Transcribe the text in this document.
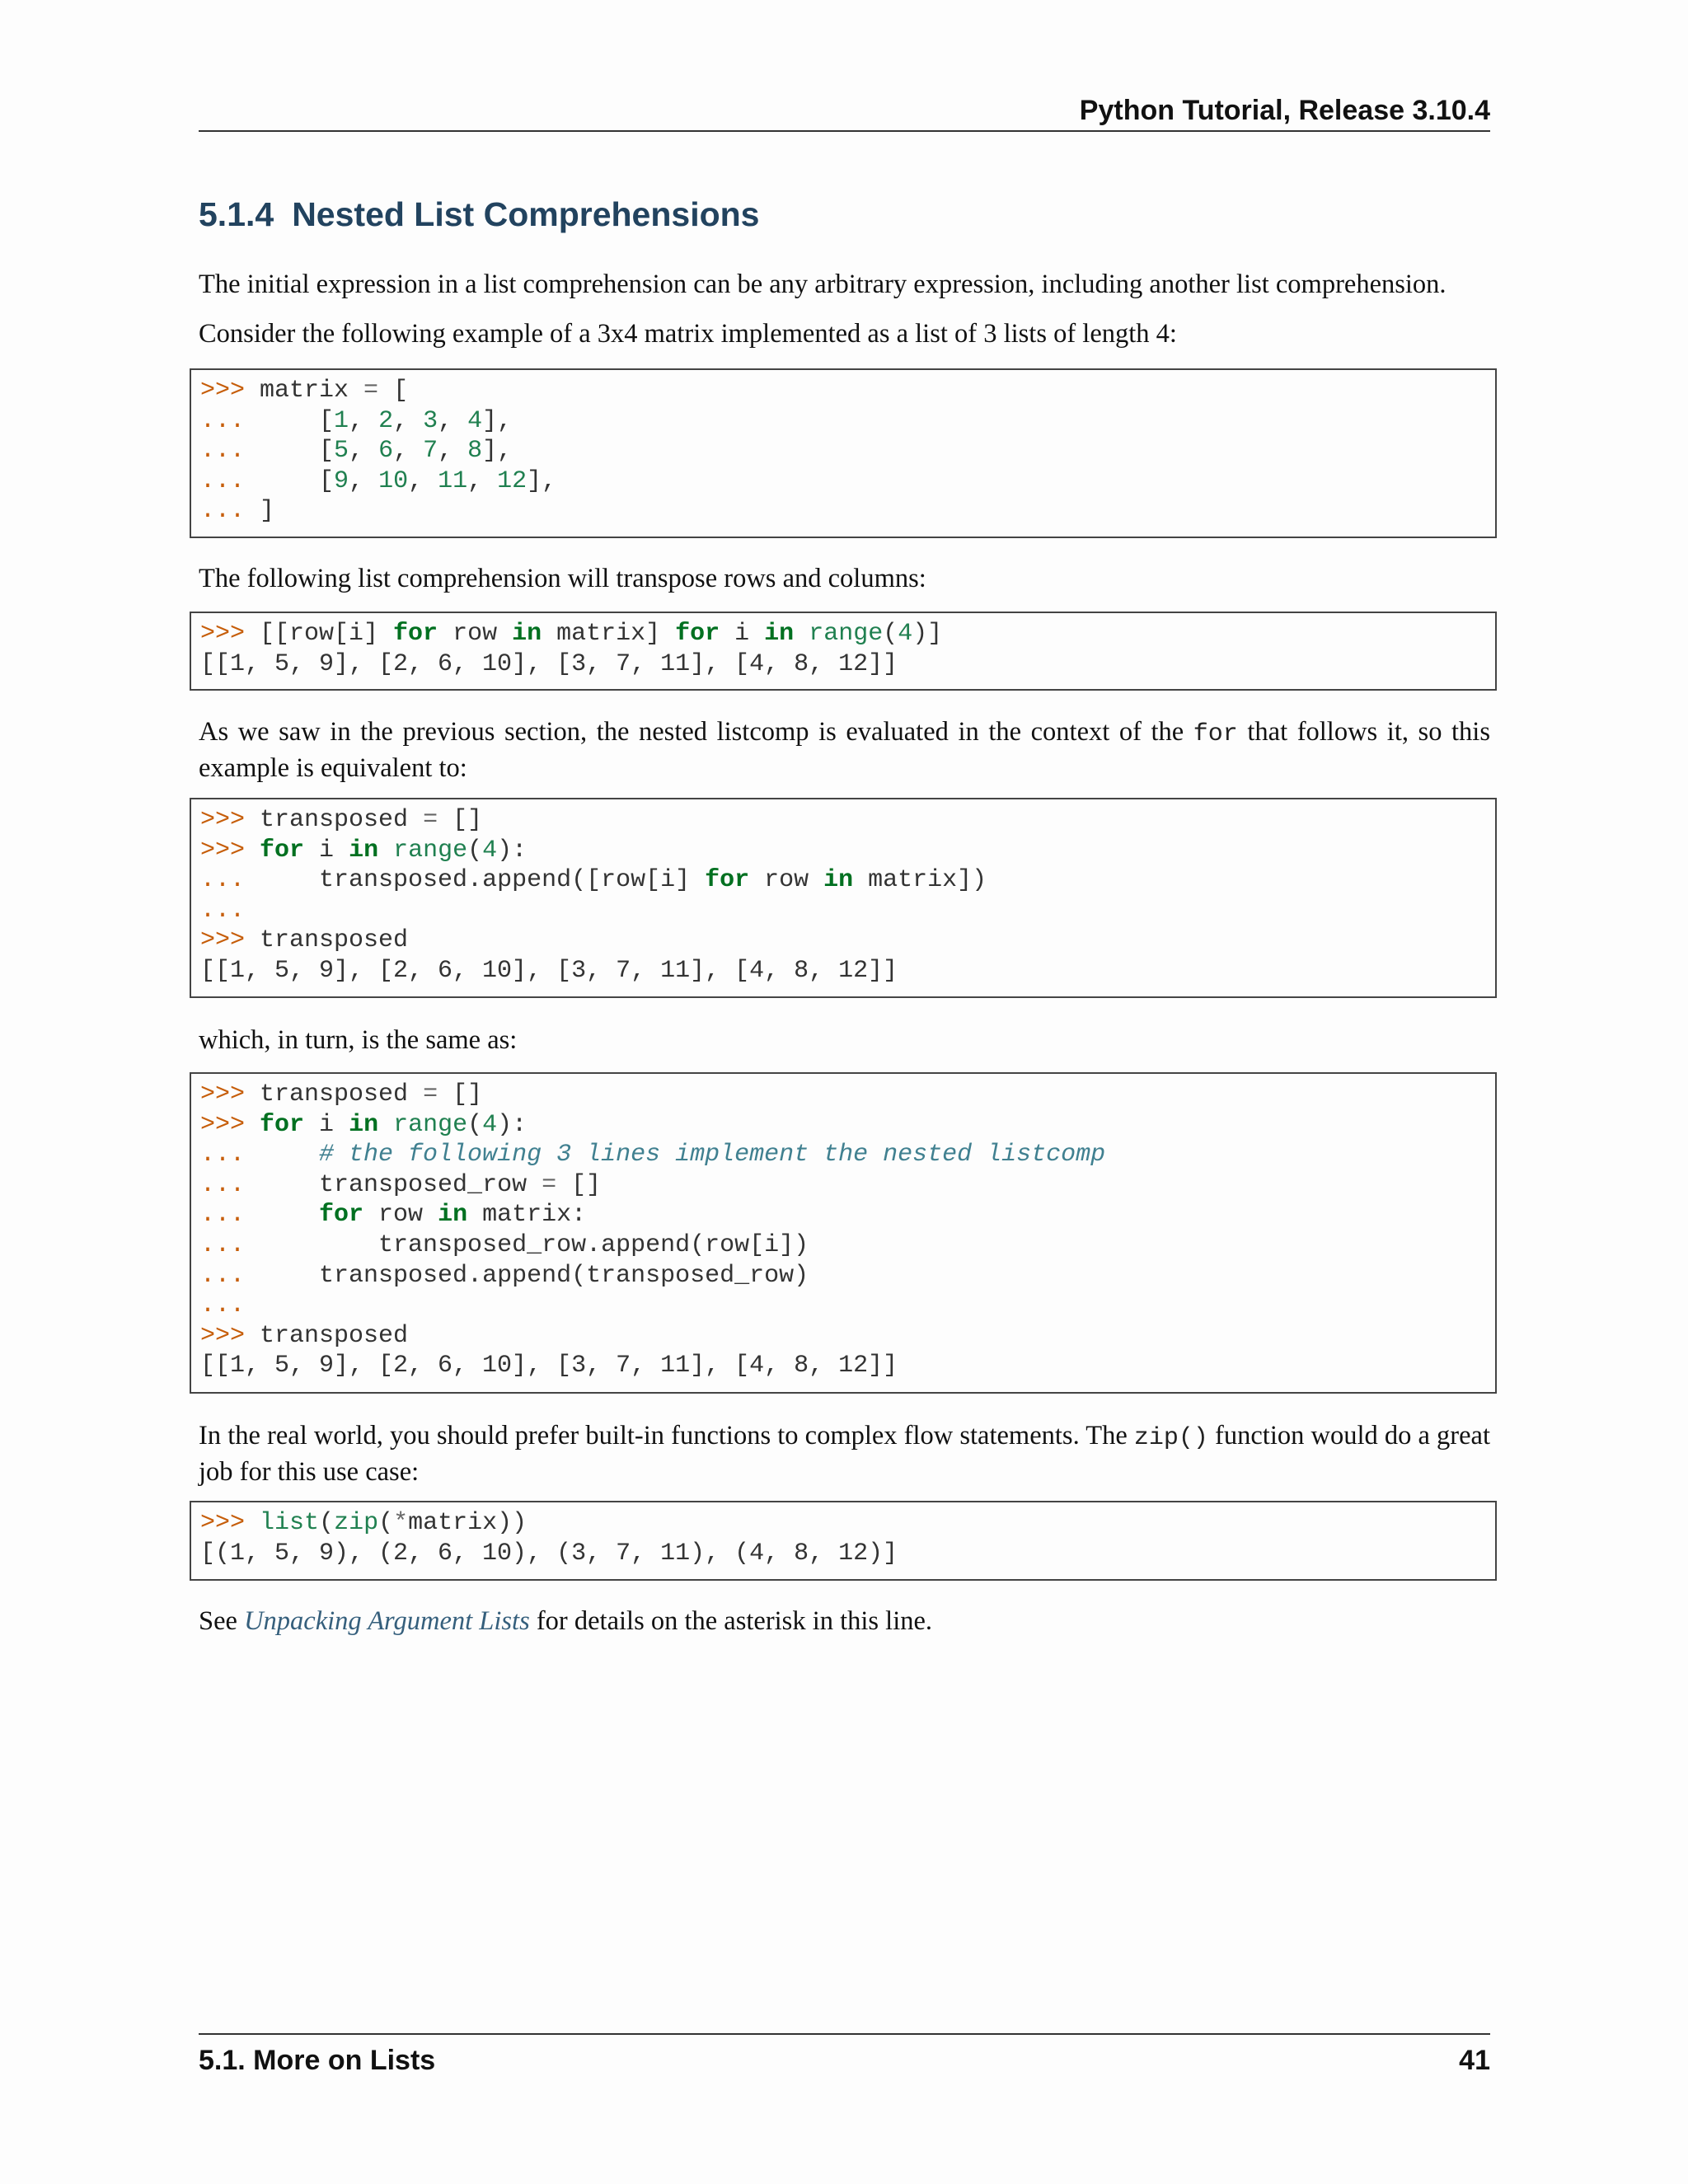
Python Tutorial, Release 3.10.4
5.1.4 Nested List Comprehensions

The initial expression in a list comprehension can be any arbitrary expression, including another list comprehension.

Consider the following example of a 3x4 matrix implemented as a list of 3 lists of length 4:

>>> matrix = [
...     [1, 2, 3, 4],
...     [5, 6, 7, 8],
...     [9, 10, 11, 12],
... ]

The following list comprehension will transpose rows and columns:

>>> [[row[i] for row in matrix] for i in range(4)]
[[1, 5, 9], [2, 6, 10], [3, 7, 11], [4, 8, 12]]

As we saw in the previous section, the nested listcomp is evaluated in the context of the for that follows it, so this example is equivalent to:

>>> transposed = []
>>> for i in range(4):
...     transposed.append([row[i] for row in matrix])
...
>>> transposed
[[1, 5, 9], [2, 6, 10], [3, 7, 11], [4, 8, 12]]

which, in turn, is the same as:

>>> transposed = []
>>> for i in range(4):
...	# the following 3 lines implement the nested listcomp
...     transposed_row = []
...	for row in matrix:
...         transposed_row.append(row[i])
...     transposed.append(transposed_row)
...
>>> transposed
[[1, 5, 9], [2, 6, 10], [3, 7, 11], [4, 8, 12]]

In the real world, you should prefer built-in functions to complex flow statements. The zip() function would do a great job for this use case:

>>> list(zip(*matrix))
[(1, 5, 9), (2, 6, 10), (3, 7, 11), (4, 8, 12)]

See Unpacking Argument Lists for details on the asterisk in this line.

5.1. More on Lists	41
